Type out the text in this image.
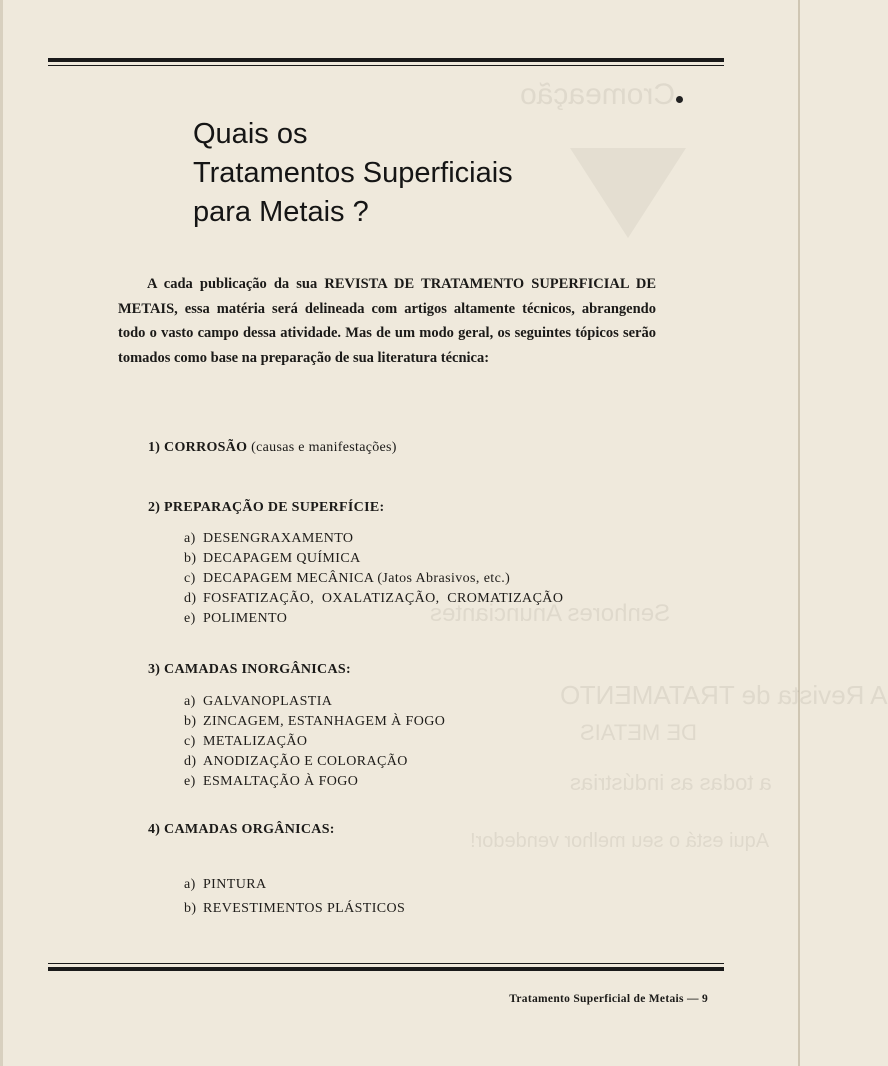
Cromeação
Senhores Anunciantes
A Revista de TRATAMENTO
DE METAIS
a todas as indústrias
Aqui está o seu melhor vendedor!
Quais os
Tratamentos Superficiais
para Metais ?

A cada publicação da sua REVISTA DE TRATAMENTO SUPERFICIAL DE METAIS, essa matéria será delineada com artigos altamente técnicos, abrangendo todo o vasto campo dessa atividade. Mas de um modo geral, os seguintes tópicos serão tomados como base na preparação de sua literatura técnica:

1) CORROSÃO (causas e manifestações)

2) PREPARAÇÃO DE SUPERFÍCIE:

a) DESENGRAXAMENTO
b) DECAPAGEM QUÍMICA
c) DECAPAGEM MECÂNICA (Jatos Abrasivos, etc.)
d) FOSFATIZAÇÃO,  OXALATIZAÇÃO,  CROMATIZAÇÃO
e) POLIMENTO

3) CAMADAS INORGÂNICAS:

a) GALVANOPLASTIA
b) ZINCAGEM, ESTANHAGEM À FOGO
c) METALIZAÇÃO
d) ANODIZAÇÃO E COLORAÇÃO
e) ESMALTAÇÃO À FOGO

4) CAMADAS ORGÂNICAS:

a) PINTURA
b) REVESTIMENTOS PLÁSTICOS
Tratamento Superficial de Metais — 9
